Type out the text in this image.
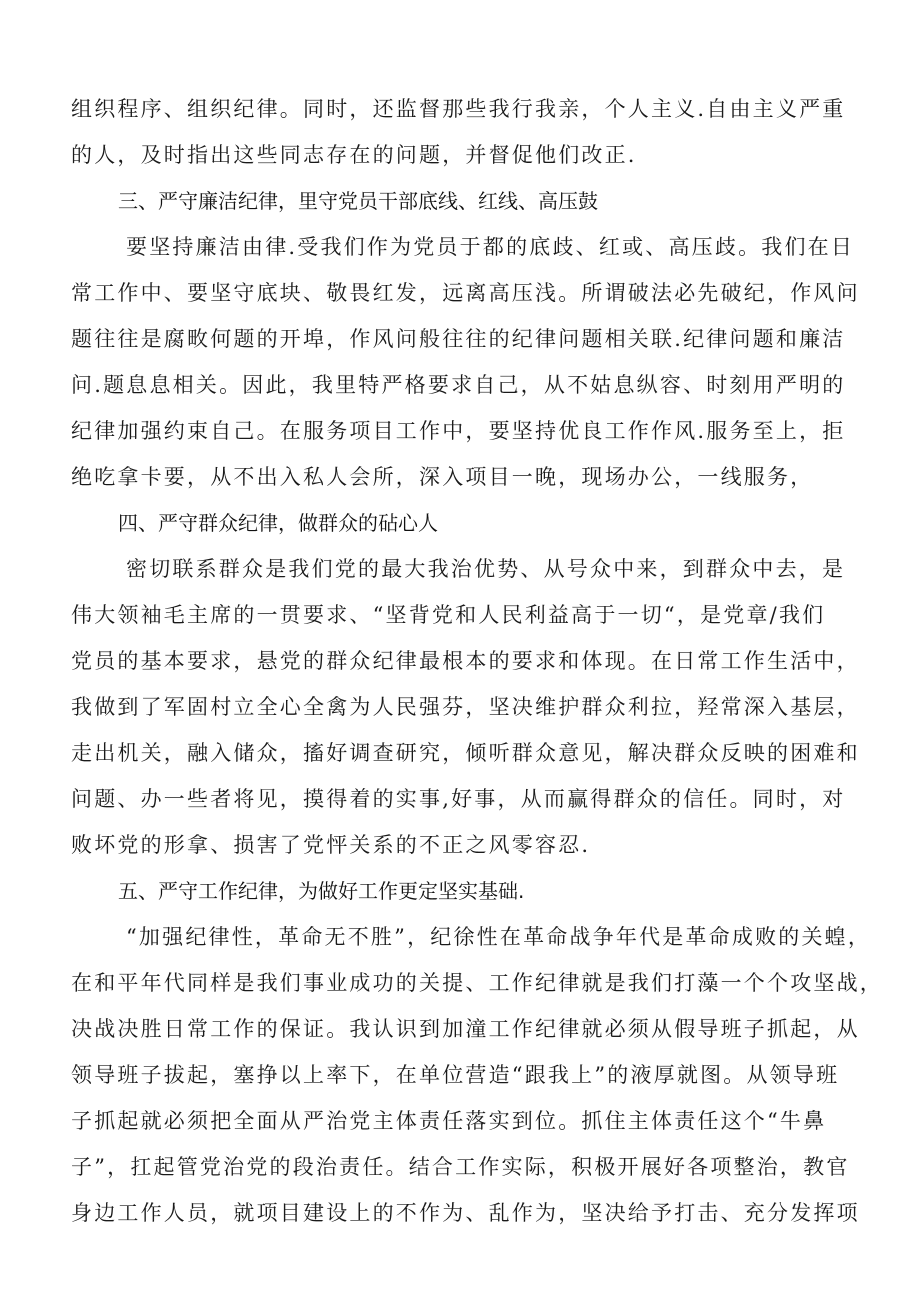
组织程序、组织纪律。同时，还监督那些我行我亲，个人主义.自由主义严重
的人，及时指出这些同志存在的问题，并督促他们改正.
三、严守廉洁纪律，里守党员干部底线、红线、高压鼓
要坚持廉洁由律.受我们作为党员于都的底歧、红或、高压歧。我们在日
常工作中、要坚守底块、敬畏红发，远离高压浅。所谓破法必先破纪，作风问
题往往是腐畋何题的开埠，作风问般往往的纪律问题相关联.纪律问题和廉洁
问.题息息相关。因此，我里特严格要求自己，从不姑息纵容、时刻用严明的
纪律加强约束自己。在服务项目工作中，要坚持优良工作作风.服务至上，拒
绝吃拿卡要，从不出入私人会所，深入项目一晚，现场办公，一线服务，
四、严守群众纪律，做群众的砧心人
密切联系群众是我们党的最大我治优势、从号众中来，到群众中去，是
伟大领袖毛主席的一贯要求、“坚背党和人民利益高于一切“，是党章/我们
党员的基本要求，悬党的群众纪律最根本的要求和体现。在日常工作生活中，
我做到了军固村立全心全禽为人民强芬，坚决维护群众利拉，羟常深入基层，
走出机关，融入储众，搐好调查研究，倾听群众意见，解决群众反映的困难和
问题、办一些者将见，摸得着的实事,好事，从而赢得群众的信任。同时，对
败坏党的形拿、损害了党怦关系的不正之风零容忍.
五、严守工作纪律，为做好工作更定坚实基础.
“加强纪律性，革命无不胜”，纪徐性在革命战争年代是革命成败的关蝗，
在和平年代同样是我们事业成功的关提、工作纪律就是我们打藻一个个攻坚战，
决战决胜日常工作的保证。我认识到加潼工作纪律就必须从假导班子抓起，从
领导班子拔起，塞挣以上率下，在单位营造“跟我上”的液厚就图。从领导班
子抓起就必须把全面从严治党主体责任落实到位。抓住主体责任这个“牛鼻
子”，扛起管党治党的段治责任。结合工作实际，积极开展好各项整治，教官
身边工作人员，就项目建设上的不作为、乱作为，坚决给予打击、充分发挥项
